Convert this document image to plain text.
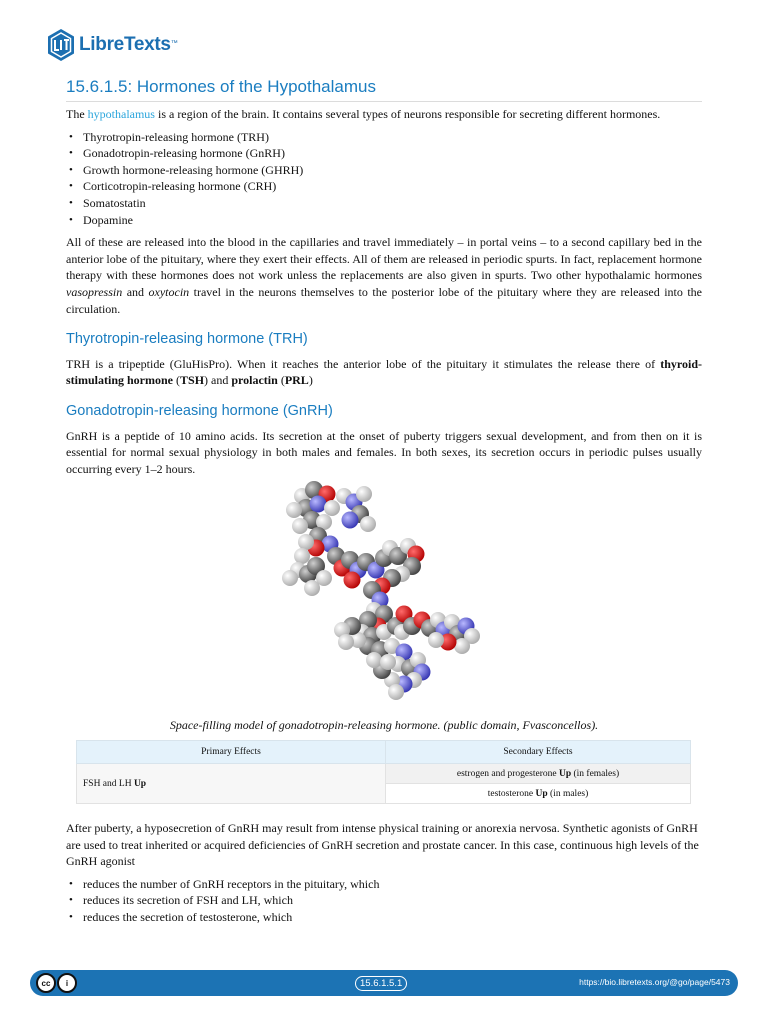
LibreTexts™
15.6.1.5: Hormones of the Hypothalamus

The hypothalamus is a region of the brain. It contains several types of neurons responsible for secreting different hormones.

• Thyrotropin-releasing hormone (TRH)
• Gonadotropin-releasing hormone (GnRH)
• Growth hormone-releasing hormone (GHRH)
• Corticotropin-releasing hormone (CRH)
• Somatostatin
• Dopamine

All of these are released into the blood in the capillaries and travel immediately – in portal veins – to a second capillary bed in the anterior lobe of the pituitary, where they exert their effects. All of them are released in periodic spurts. In fact, replacement hormone therapy with these hormones does not work unless the replacements are also given in spurts. Two other hypothalamic hormones vasopressin and oxytocin travel in the neurons themselves to the posterior lobe of the pituitary where they are released into the circulation.

Thyrotropin-releasing hormone (TRH)

TRH is a tripeptide (GluHisPro). When it reaches the anterior lobe of the pituitary it stimulates the release there of thyroid-stimulating hormone (TSH) and prolactin (PRL)

Gonadotropin-releasing hormone (GnRH)

GnRH is a peptide of 10 amino acids. Its secretion at the onset of puberty triggers sexual development, and from then on it is essential for normal sexual physiology in both males and females. In both sexes, its secretion occurs in periodic pulses usually occurring every 1–2 hours.

Space-filling model of gonadotropin-releasing hormone. (public domain, Fvasconcellos).

Primary Effects	Secondary Effects
FSH and LH Up	estrogen and progesterone Up (in females)
	testosterone Up (in males)

After puberty, a hyposecretion of GnRH may result from intense physical training or anorexia nervosa. Synthetic agonists of GnRH are used to treat inherited or acquired deficiencies of GnRH secretion and prostate cancer. In this case, continuous high levels of the GnRH agonist

• reduces the number of GnRH receptors in the pituitary, which
• reduces its secretion of FSH and LH, which
• reduces the secretion of testosterone, which
cc	i	15.6.1.5.1	https://bio.libretexts.org/@go/page/5473
